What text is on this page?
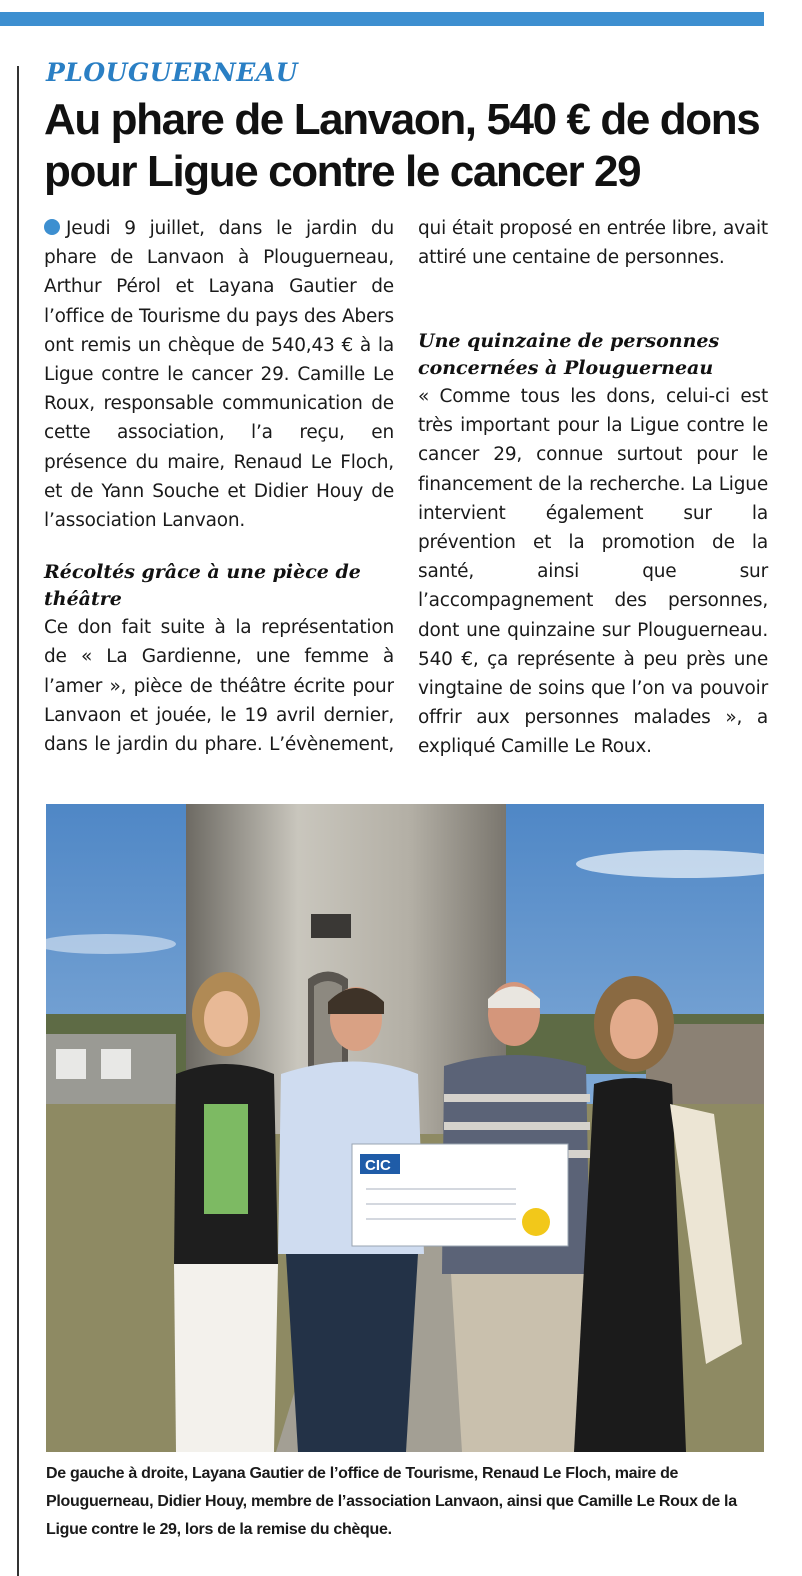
PLOUGUERNEAU
Au phare de Lanvaon, 540 € de dons pour Ligue contre le cancer 29

Jeudi 9 juillet, dans le jardin du phare de Lanvaon à Plouguerneau, Arthur Pérol et Layana Gautier de l’office de Tourisme du pays des Abers ont remis un chèque de 540,43 € à la Ligue contre le cancer 29. Camille Le Roux, responsable communication de cette association, l’a reçu, en présence du maire, Renaud Le Floch, et de Yann Souche et Didier Houy de l’association Lanvaon.

Récoltés grâce à une pièce de théâtre

Ce don fait suite à la représentation de « La Gardienne, une femme à l’amer », pièce de théâtre écrite pour Lanvaon et jouée, le 19 avril dernier, dans le jardin du phare. L’évènement,

qui était proposé en entrée libre, avait attiré une centaine de personnes.

Une quinzaine de personnes concernées à Plouguerneau

« Comme tous les dons, celui-ci est très important pour la Ligue contre le cancer 29, connue surtout pour le financement de la recherche. La Ligue intervient également sur la prévention et la promotion de la santé, ainsi que sur l’accompagnement des personnes, dont une quinzaine sur Plouguerneau. 540 €, ça représente à peu près une vingtaine de soins que l’on va pouvoir offrir aux personnes malades », a expliqué Camille Le Roux.

CIC
De gauche à droite, Layana Gautier de l’office de Tourisme, Renaud Le Floch, maire de Plouguerneau, Didier Houy, membre de l’association Lanvaon, ainsi que Camille Le Roux de la Ligue contre le 29, lors de la remise du chèque.
